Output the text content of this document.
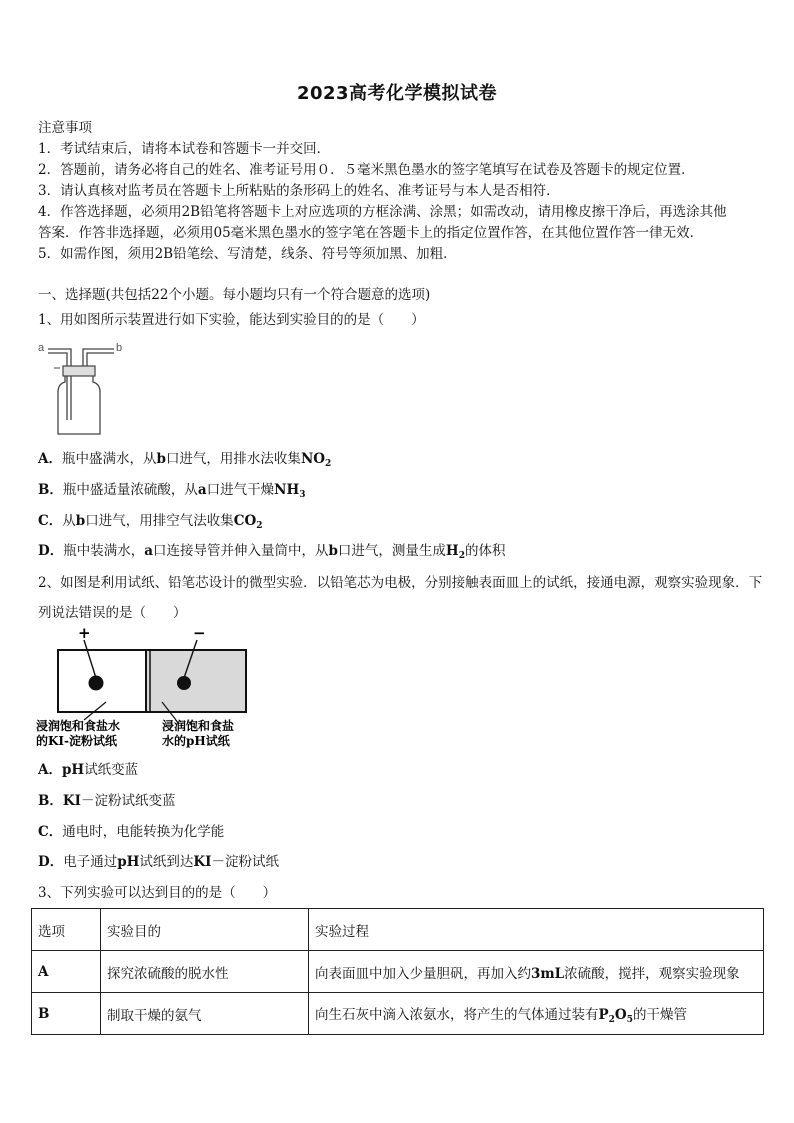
2023高考化学模拟试卷
注意事项
1．考试结束后，请将本试卷和答题卡一并交回．
2．答题前，请务必将自己的姓名、准考证号用０．５毫米黑色墨水的签字笔填写在试卷及答题卡的规定位置．
3．请认真核对监考员在答题卡上所粘贴的条形码上的姓名、准考证号与本人是否相符．
4．作答选择题，必须用2B铅笔将答题卡上对应选项的方框涂满、涂黑；如需改动，请用橡皮擦干净后，再选涂其他
答案．作答非选择题，必须用05毫米黑色墨水的签字笔在答题卡上的指定位置作答，在其他位置作答一律无效．
5．如需作图，须用2B铅笔绘、写清楚，线条、符号等须加黑、加粗．
一、选择题(共包括22个小题。每小题均只有一个符合题意的选项)
1、用如图所示装置进行如下实验，能达到实验目的的是（　　）
a	b
A．瓶中盛满水，从b口进气，用排水法收集$NO_2$
B．瓶中盛适量浓硫酸，从a口进气干燥$NH_3$
C．从b口进气，用排空气法收集$CO_2$
D．瓶中装满水，a口连接导管并伸入量筒中，从b口进气，测量生成$H_2$的体积
2、如图是利用试纸、铅笔芯设计的微型实验．以铅笔芯为电极，分别接触表面皿上的试纸，接通电源，观察实验现象．下
列说法错误的是（　　）
+	−
浸润饱和食盐水
的KI-淀粉试纸
浸润饱和食盐
水的pH试纸
A．pH试纸变蓝
B．KI－淀粉试纸变蓝
C．通电时，电能转换为化学能
D．电子通过pH试纸到达KI－淀粉试纸
3、下列实验可以达到目的的是（　　）
选项	实验目的	实验过程
A	探究浓硫酸的脱水性	向表面皿中加入少量胆矾，再加入约3mL浓硫酸，搅拌，观察实验现象
B	制取干燥的氨气	向生石灰中滴入浓氨水，将产生的气体通过装有$P_2O_5$的干燥管
